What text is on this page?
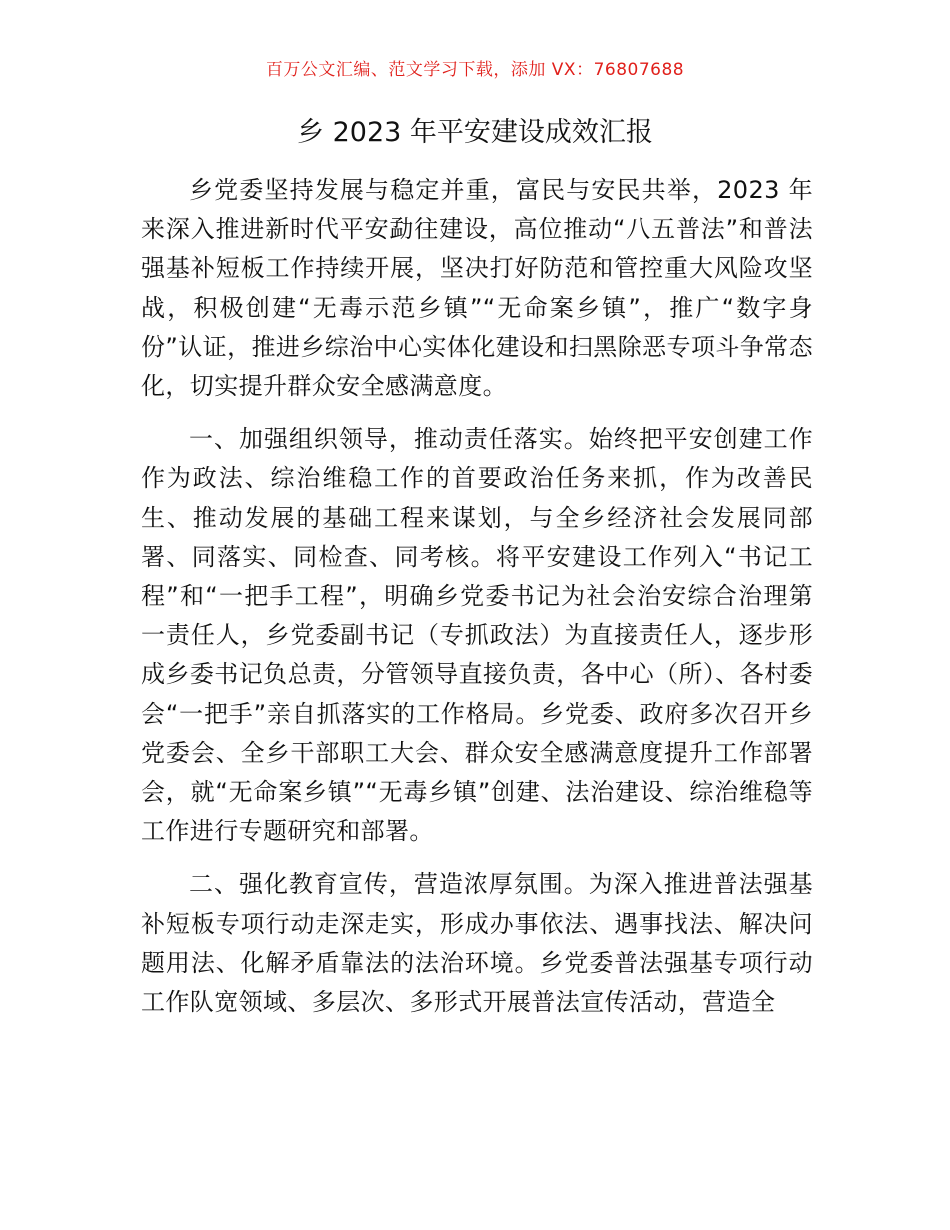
百万公文汇编、范文学习下载，添加 VX：76807688
乡 2023 年平安建设成效汇报

乡党委坚持发展与稳定并重，富民与安民共举，2023 年来深入推进新时代平安勐往建设，高位推动“八五普法”和普法强基补短板工作持续开展，坚决打好防范和管控重大风险攻坚战，积极创建“无毒示范乡镇”“无命案乡镇”，推广“数字身份”认证，推进乡综治中心实体化建设和扫黑除恶专项斗争常态化，切实提升群众安全感满意度。

一、加强组织领导，推动责任落实。始终把平安创建工作作为政法、综治维稳工作的首要政治任务来抓，作为改善民生、推动发展的基础工程来谋划，与全乡经济社会发展同部署、同落实、同检查、同考核。将平安建设工作列入“书记工程”和“一把手工程”，明确乡党委书记为社会治安综合治理第一责任人，乡党委副书记（专抓政法）为直接责任人，逐步形成乡委书记负总责，分管领导直接负责，各中心（所）、各村委会“一把手”亲自抓落实的工作格局。乡党委、政府多次召开乡党委会、全乡干部职工大会、群众安全感满意度提升工作部署会，就“无命案乡镇”“无毒乡镇”创建、法治建设、综治维稳等工作进行专题研究和部署。

二、强化教育宣传，营造浓厚氛围。为深入推进普法强基补短板专项行动走深走实，形成办事依法、遇事找法、解决问题用法、化解矛盾靠法的法治环境。乡党委普法强基专项行动工作队宽领域、多层次、多形式开展普法宣传活动，营造全
